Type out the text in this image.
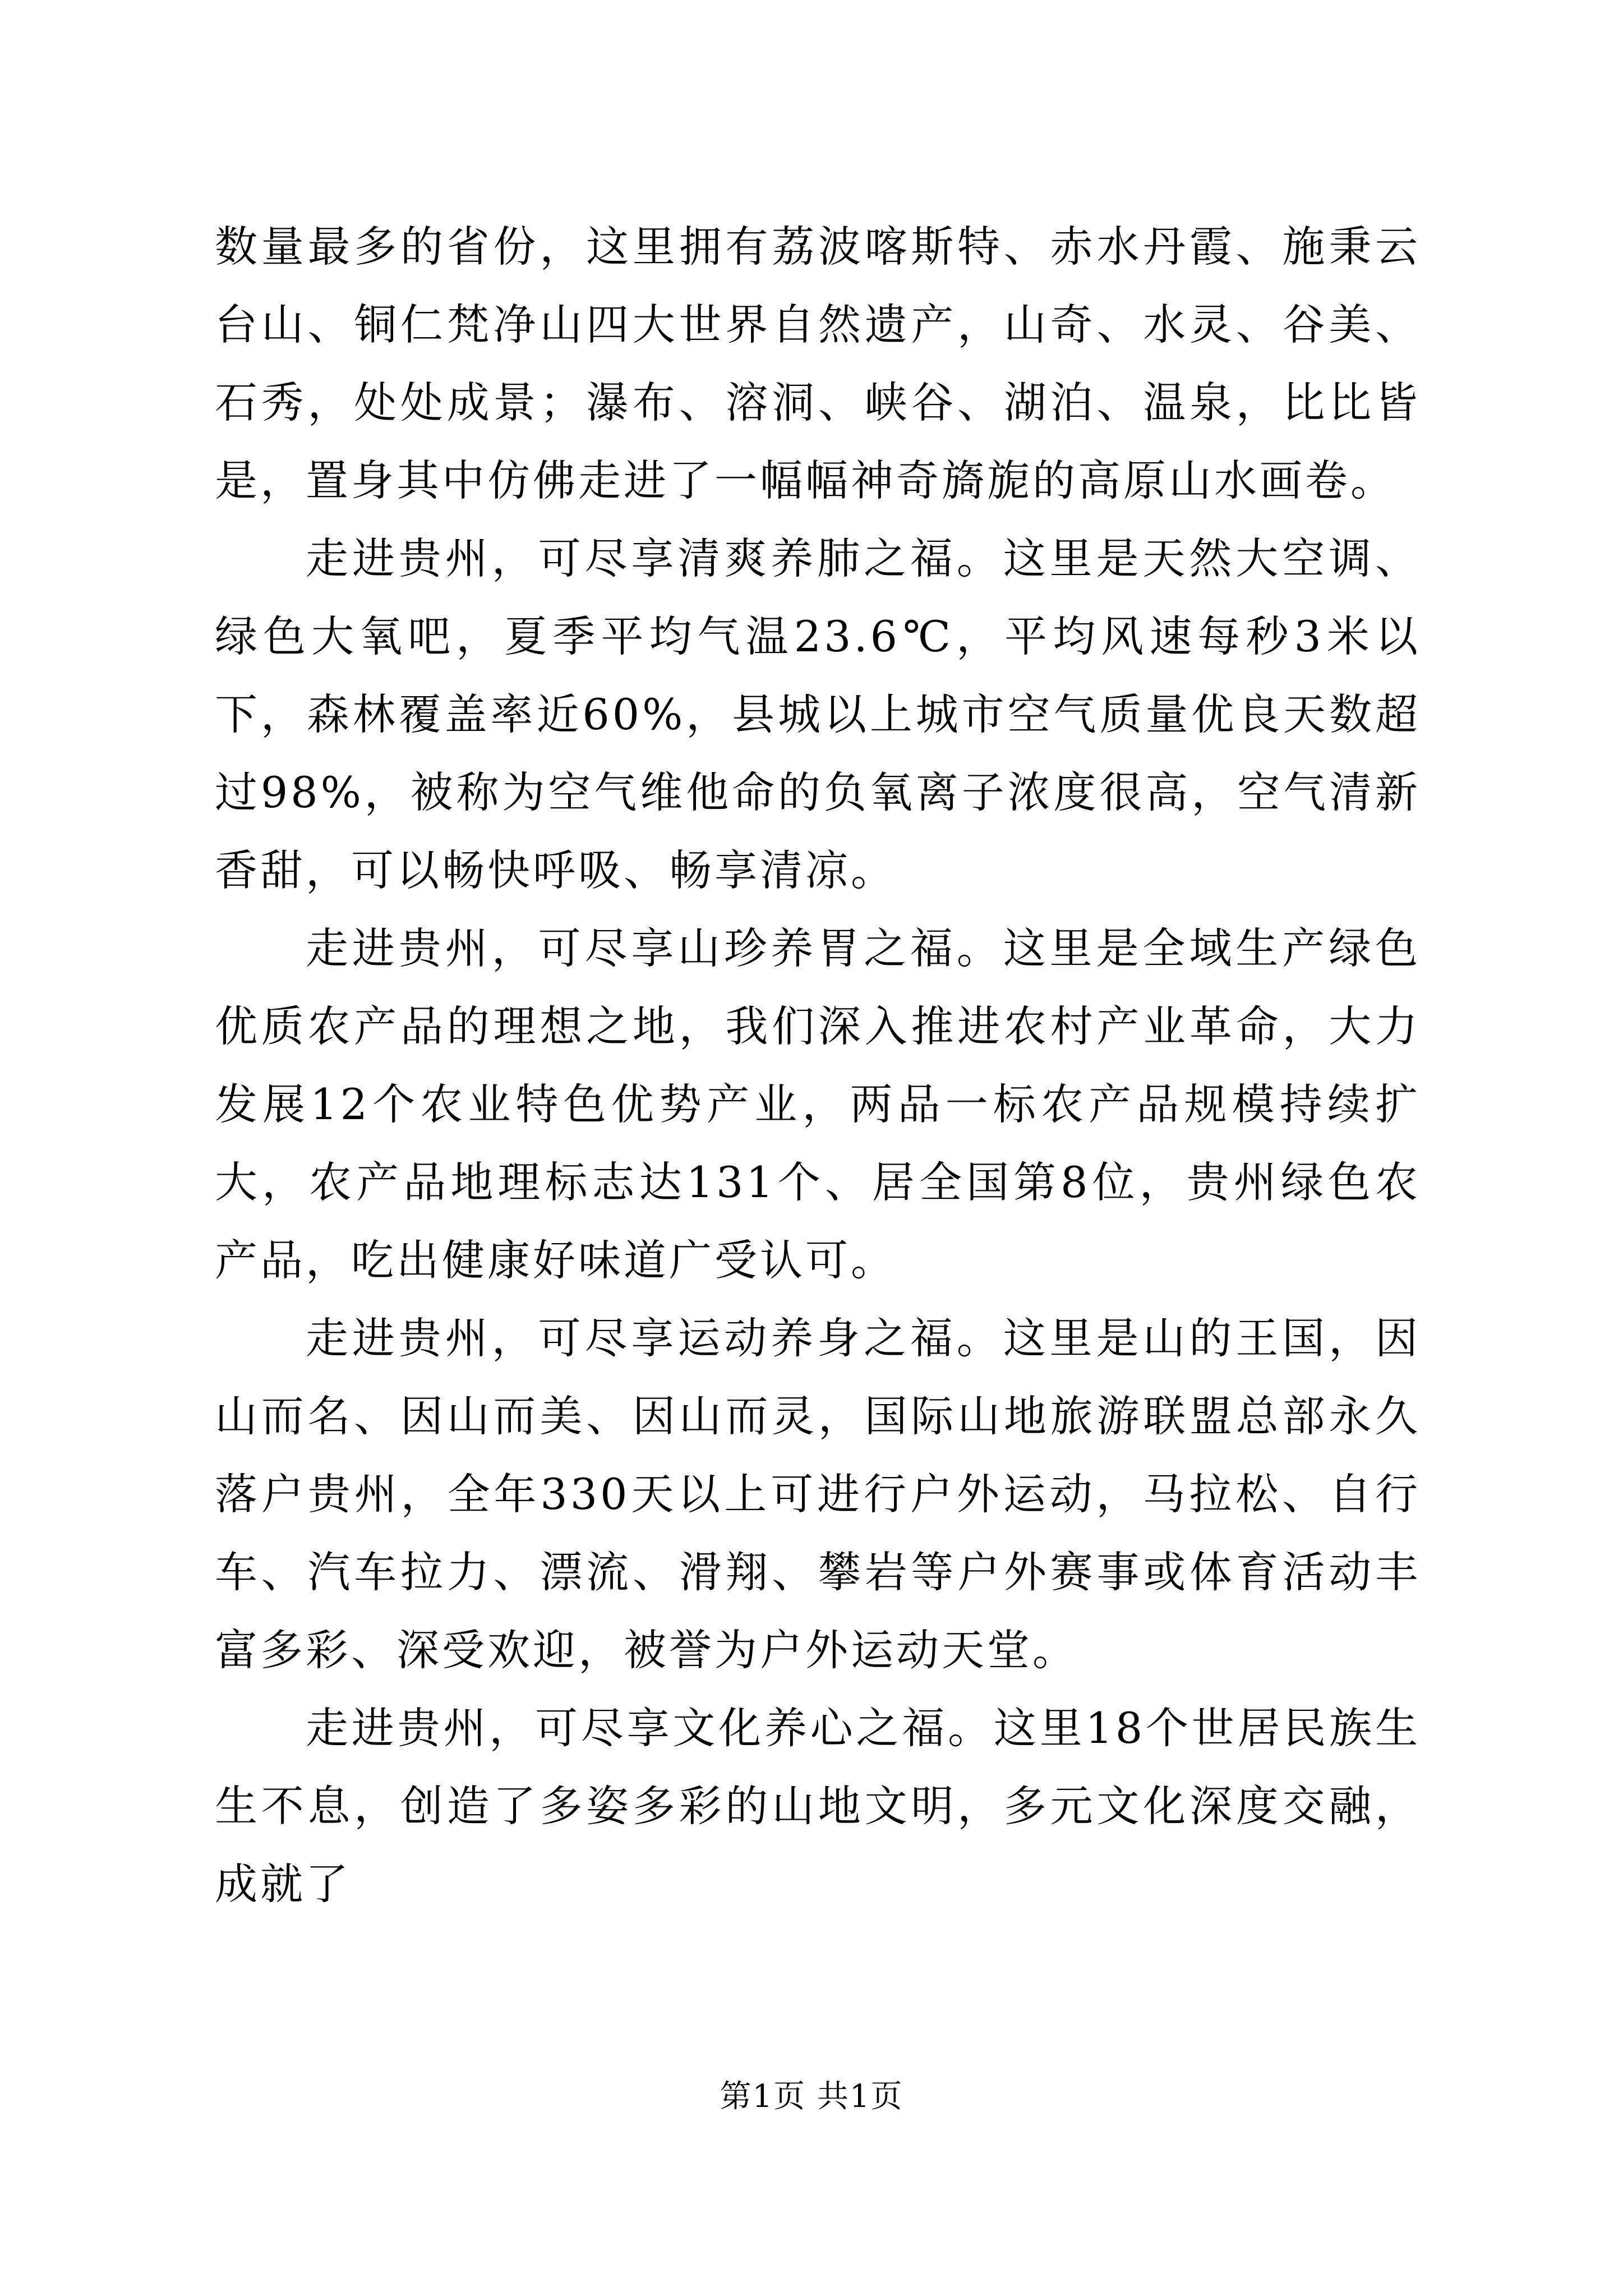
数量最多的省份，这里拥有荔波喀斯特、赤水丹霞、施秉云台山、铜仁梵净山四大世界自然遗产，山奇、水灵、谷美、石秀，处处成景；瀑布、溶洞、峡谷、湖泊、温泉，比比皆是，置身其中仿佛走进了一幅幅神奇旖旎的高原山水画卷。

走进贵州，可尽享清爽养肺之福。这里是天然大空调、绿色大氧吧，夏季平均气温23.6℃，平均风速每秒3米以下，森林覆盖率近60%，县城以上城市空气质量优良天数超过98%，被称为空气维他命的负氧离子浓度很高，空气清新香甜，可以畅快呼吸、畅享清凉。

走进贵州，可尽享山珍养胃之福。这里是全域生产绿色优质农产品的理想之地，我们深入推进农村产业革命，大力发展12个农业特色优势产业，两品一标农产品规模持续扩大，农产品地理标志达131个、居全国第8位，贵州绿色农产品，吃出健康好味道广受认可。

走进贵州，可尽享运动养身之福。这里是山的王国，因山而名、因山而美、因山而灵，国际山地旅游联盟总部永久落户贵州，全年330天以上可进行户外运动，马拉松、自行车、汽车拉力、漂流、滑翔、攀岩等户外赛事或体育活动丰富多彩、深受欢迎，被誉为户外运动天堂。

走进贵州，可尽享文化养心之福。这里18个世居民族生生不息，创造了多姿多彩的山地文明，多元文化深度交融，成就了

第1页 共1页
